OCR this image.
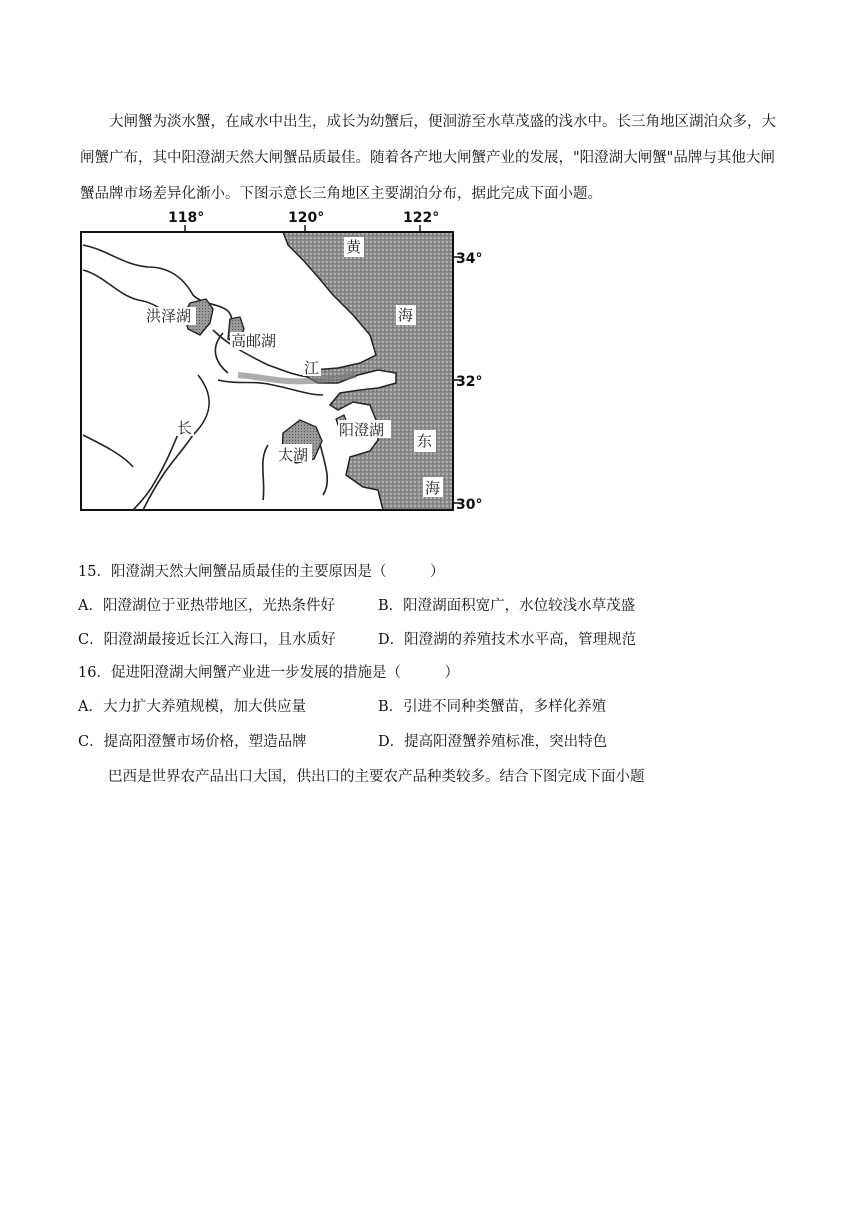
大闸蟹为淡水蟹，在咸水中出生，成长为幼蟹后，便洄游至水草茂盛的浅水中。长三角地区湖泊众多，大闸蟹广布，其中阳澄湖天然大闸蟹品质最佳。随着各产地大闸蟹产业的发展，"阳澄湖大闸蟹"品牌与其他大闸蟹品牌市场差异化渐小。下图示意长三角地区主要湖泊分布，据此完成下面小题。
118°	120°	122°
34°
32°
30°
洪泽湖
高邮湖
江
长	阳澄湖
太湖
黄
海
东
海
15．阳澄湖天然大闸蟹品质最佳的主要原因是（　　　）
A．阳澄湖位于亚热带地区，光热条件好	B．阳澄湖面积宽广，水位较浅水草茂盛
C．阳澄湖最接近长江入海口，且水质好	D．阳澄湖的养殖技术水平高，管理规范
16．促进阳澄湖大闸蟹产业进一步发展的措施是（　　　）
A．大力扩大养殖规模，加大供应量	B．引进不同种类蟹苗，多样化养殖
C．提高阳澄蟹市场价格，塑造品牌	D．提高阳澄蟹养殖标准，突出特色
巴西是世界农产品出口大国，供出口的主要农产品种类较多。结合下图完成下面小题
